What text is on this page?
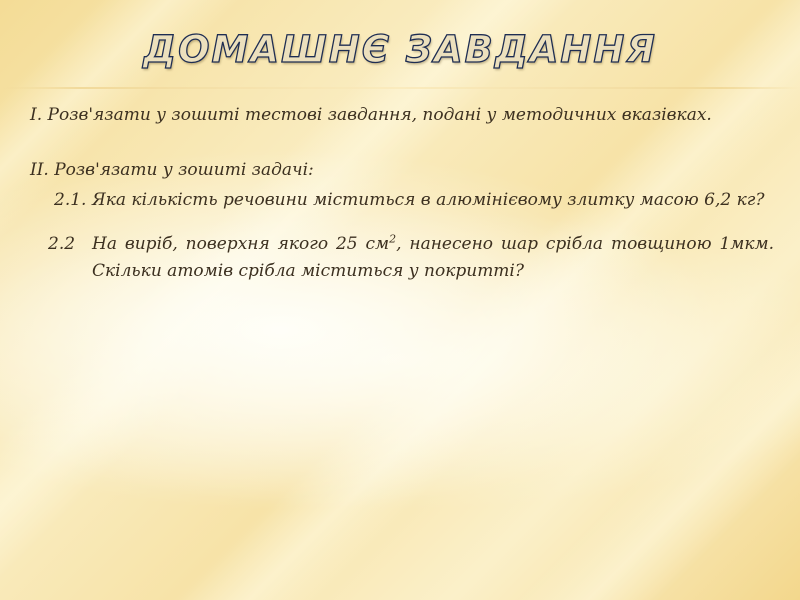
ДОМАШНЄ ЗАВДАННЯ

І. Розв'язати у зошиті тестові завдання, подані у методичних вказівках.

ІІ. Розв'язати у зошиті задачі:

2.1. Яка кількість речовини міститься в алюмінієвому злитку масою 6,2 кг?

2.2 На виріб, поверхня якого 25 $см^2$, нанесено шар срібла товщиною 1мкм. Скільки атомів срібла міститься у покритті?
